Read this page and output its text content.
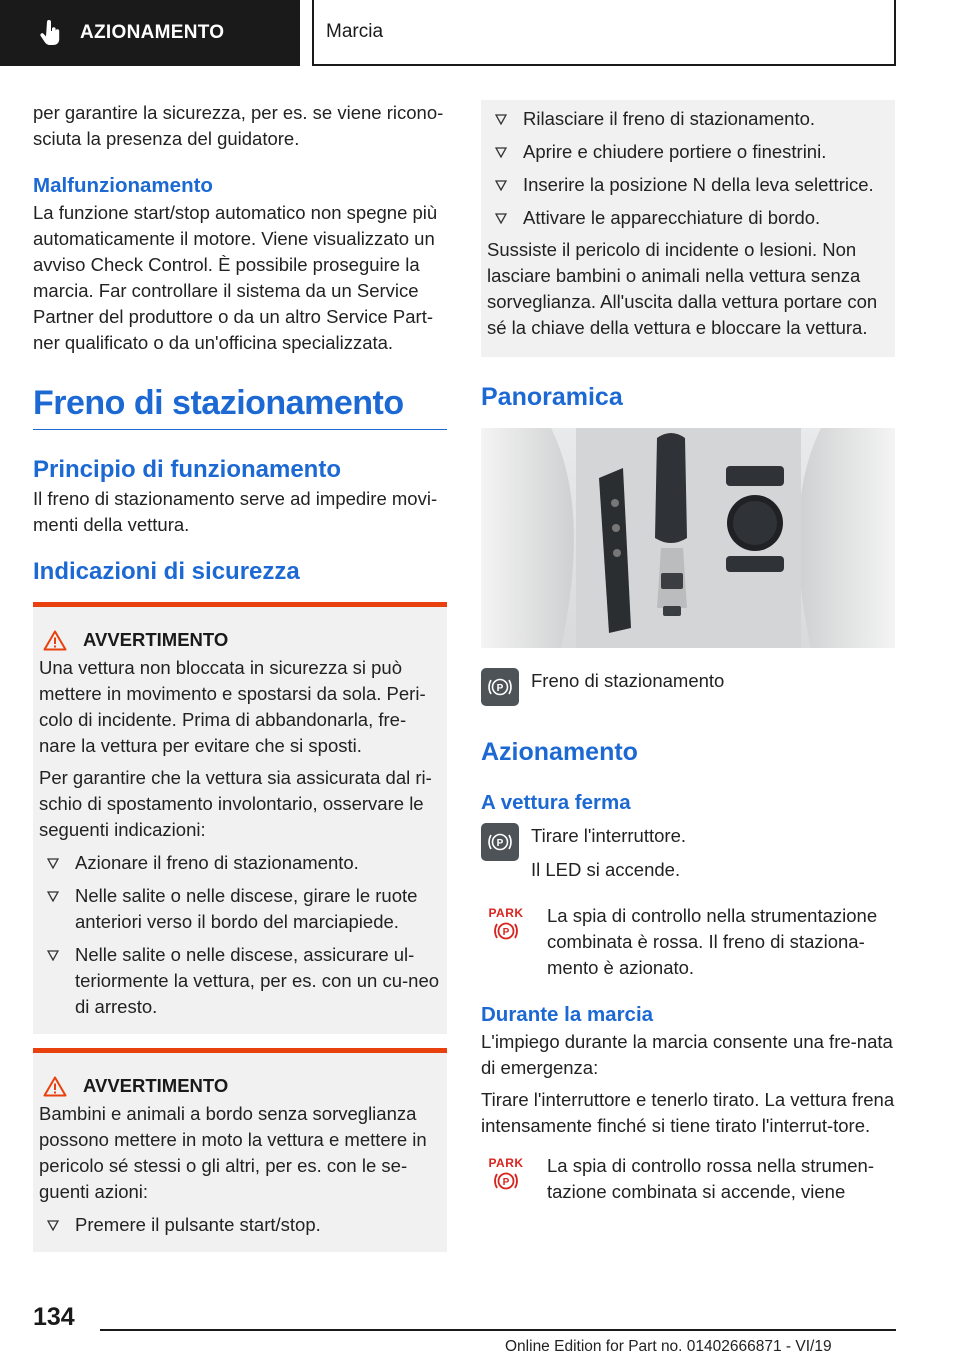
AZIONAMENTO	Marcia

per garantire la sicurezza, per es. se viene ricono-sciuta la presenza del guidatore.

Malfunzionamento

La funzione start/stop automatico non spegne più automaticamente il motore. Viene visualizzato un avviso Check Control. È possibile proseguire la marcia. Far controllare il sistema da un Service Partner del produttore o da un altro Service Part-ner qualificato o da un'officina specializzata.

Freno di stazionamento
Principio di funzionamento

Il freno di stazionamento serve ad impedire movi-menti della vettura.

Indicazioni di sicurezza
AVVERTIMENTO

Una vettura non bloccata in sicurezza si può mettere in movimento e spostarsi da sola. Peri-colo di incidente. Prima di abbandonarla, fre-nare la vettura per evitare che si sposti.

Per garantire che la vettura sia assicurata dal ri-schio di spostamento involontario, osservare le seguenti indicazioni:

Azionare il freno di stazionamento.
Nelle salite o nelle discese, girare le ruote anteriori verso il bordo del marciapiede.
Nelle salite o nelle discese, assicurare ul-teriormente la vettura, per es. con un cu-neo di arresto.
AVVERTIMENTO

Bambini e animali a bordo senza sorveglianza possono mettere in moto la vettura e mettere in pericolo sé stessi o gli altri, per es. con le se-guenti azioni:

Premere il pulsante start/stop.
Rilasciare il freno di stazionamento.
Aprire e chiudere portiere o finestrini.
Inserire la posizione N della leva selettrice.
Attivare le apparecchiature di bordo.

Sussiste il pericolo di incidente o lesioni. Non lasciare bambini o animali nella vettura senza sorveglianza. All'uscita dalla vettura portare con sé la chiave della vettura e bloccare la vettura.

Panoramica
P Freno di stazionamento

Azionamento
A vettura ferma
P Tirare l'interruttore.

Il LED si accende.

PARK
P

La spia di controllo nella strumentazione combinata è rossa. Il freno di staziona-mento è azionato.

Durante la marcia

L'impiego durante la marcia consente una fre-nata di emergenza:

Tirare l'interruttore e tenerlo tirato. La vettura frena intensamente finché si tiene tirato l'interrut-tore.

PARK
P

La spia di controllo rossa nella strumen-tazione combinata si accende, viene

134
Online Edition for Part no. 01402666871 - VI/19
